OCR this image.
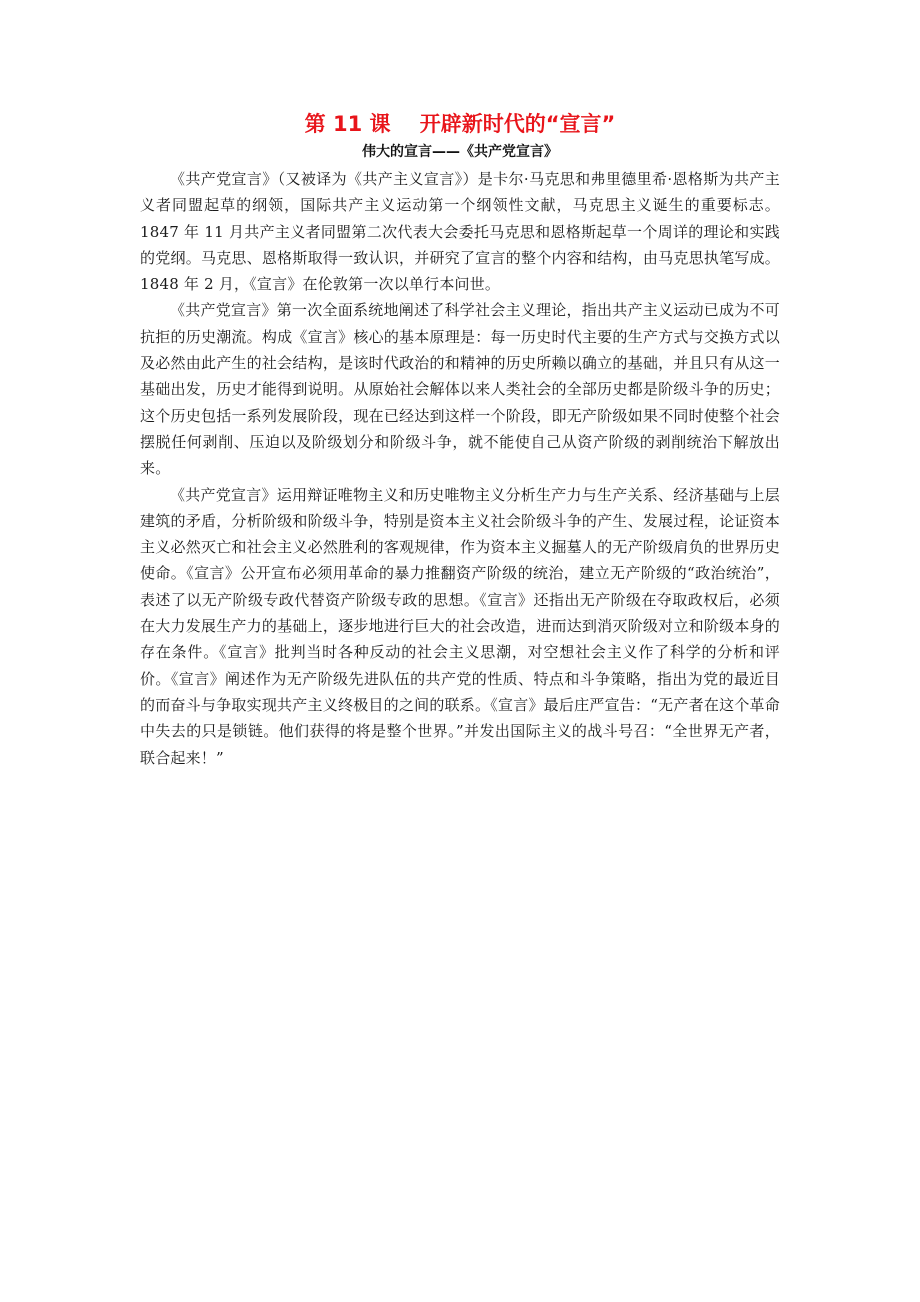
第 11 课    开辟新时代的“宣言”
伟大的宣言——《共产党宣言》

《共产党宣言》（又被译为《共产主义宣言》）是卡尔·马克思和弗里德里希·恩格斯为共产主义者同盟起草的纲领，国际共产主义运动第一个纲领性文献，马克思主义诞生的重要标志。1847 年 11 月共产主义者同盟第二次代表大会委托马克思和恩格斯起草一个周详的理论和实践的党纲。马克思、恩格斯取得一致认识，并研究了宣言的整个内容和结构，由马克思执笔写成。1848 年 2 月，《宣言》在伦敦第一次以单行本问世。

《共产党宣言》第一次全面系统地阐述了科学社会主义理论，指出共产主义运动已成为不可抗拒的历史潮流。构成《宣言》核心的基本原理是：每一历史时代主要的生产方式与交换方式以及必然由此产生的社会结构，是该时代政治的和精神的历史所赖以确立的基础，并且只有从这一基础出发，历史才能得到说明。从原始社会解体以来人类社会的全部历史都是阶级斗争的历史；这个历史包括一系列发展阶段，现在已经达到这样一个阶段，即无产阶级如果不同时使整个社会摆脱任何剥削、压迫以及阶级划分和阶级斗争，就不能使自己从资产阶级的剥削统治下解放出来。

《共产党宣言》运用辩证唯物主义和历史唯物主义分析生产力与生产关系、经济基础与上层建筑的矛盾，分析阶级和阶级斗争，特别是资本主义社会阶级斗争的产生、发展过程，论证资本主义必然灭亡和社会主义必然胜利的客观规律，作为资本主义掘墓人的无产阶级肩负的世界历史使命。《宣言》公开宣布必须用革命的暴力推翻资产阶级的统治，建立无产阶级的“政治统治”，表述了以无产阶级专政代替资产阶级专政的思想。《宣言》还指出无产阶级在夺取政权后，必须在大力发展生产力的基础上，逐步地进行巨大的社会改造，进而达到消灭阶级对立和阶级本身的存在条件。《宣言》批判当时各种反动的社会主义思潮，对空想社会主义作了科学的分析和评价。《宣言》阐述作为无产阶级先进队伍的共产党的性质、特点和斗争策略，指出为党的最近目的而奋斗与争取实现共产主义终极目的之间的联系。《宣言》最后庄严宣告：“无产者在这个革命中失去的只是锁链。他们获得的将是整个世界。”并发出国际主义的战斗号召：“全世界无产者，联合起来！”
